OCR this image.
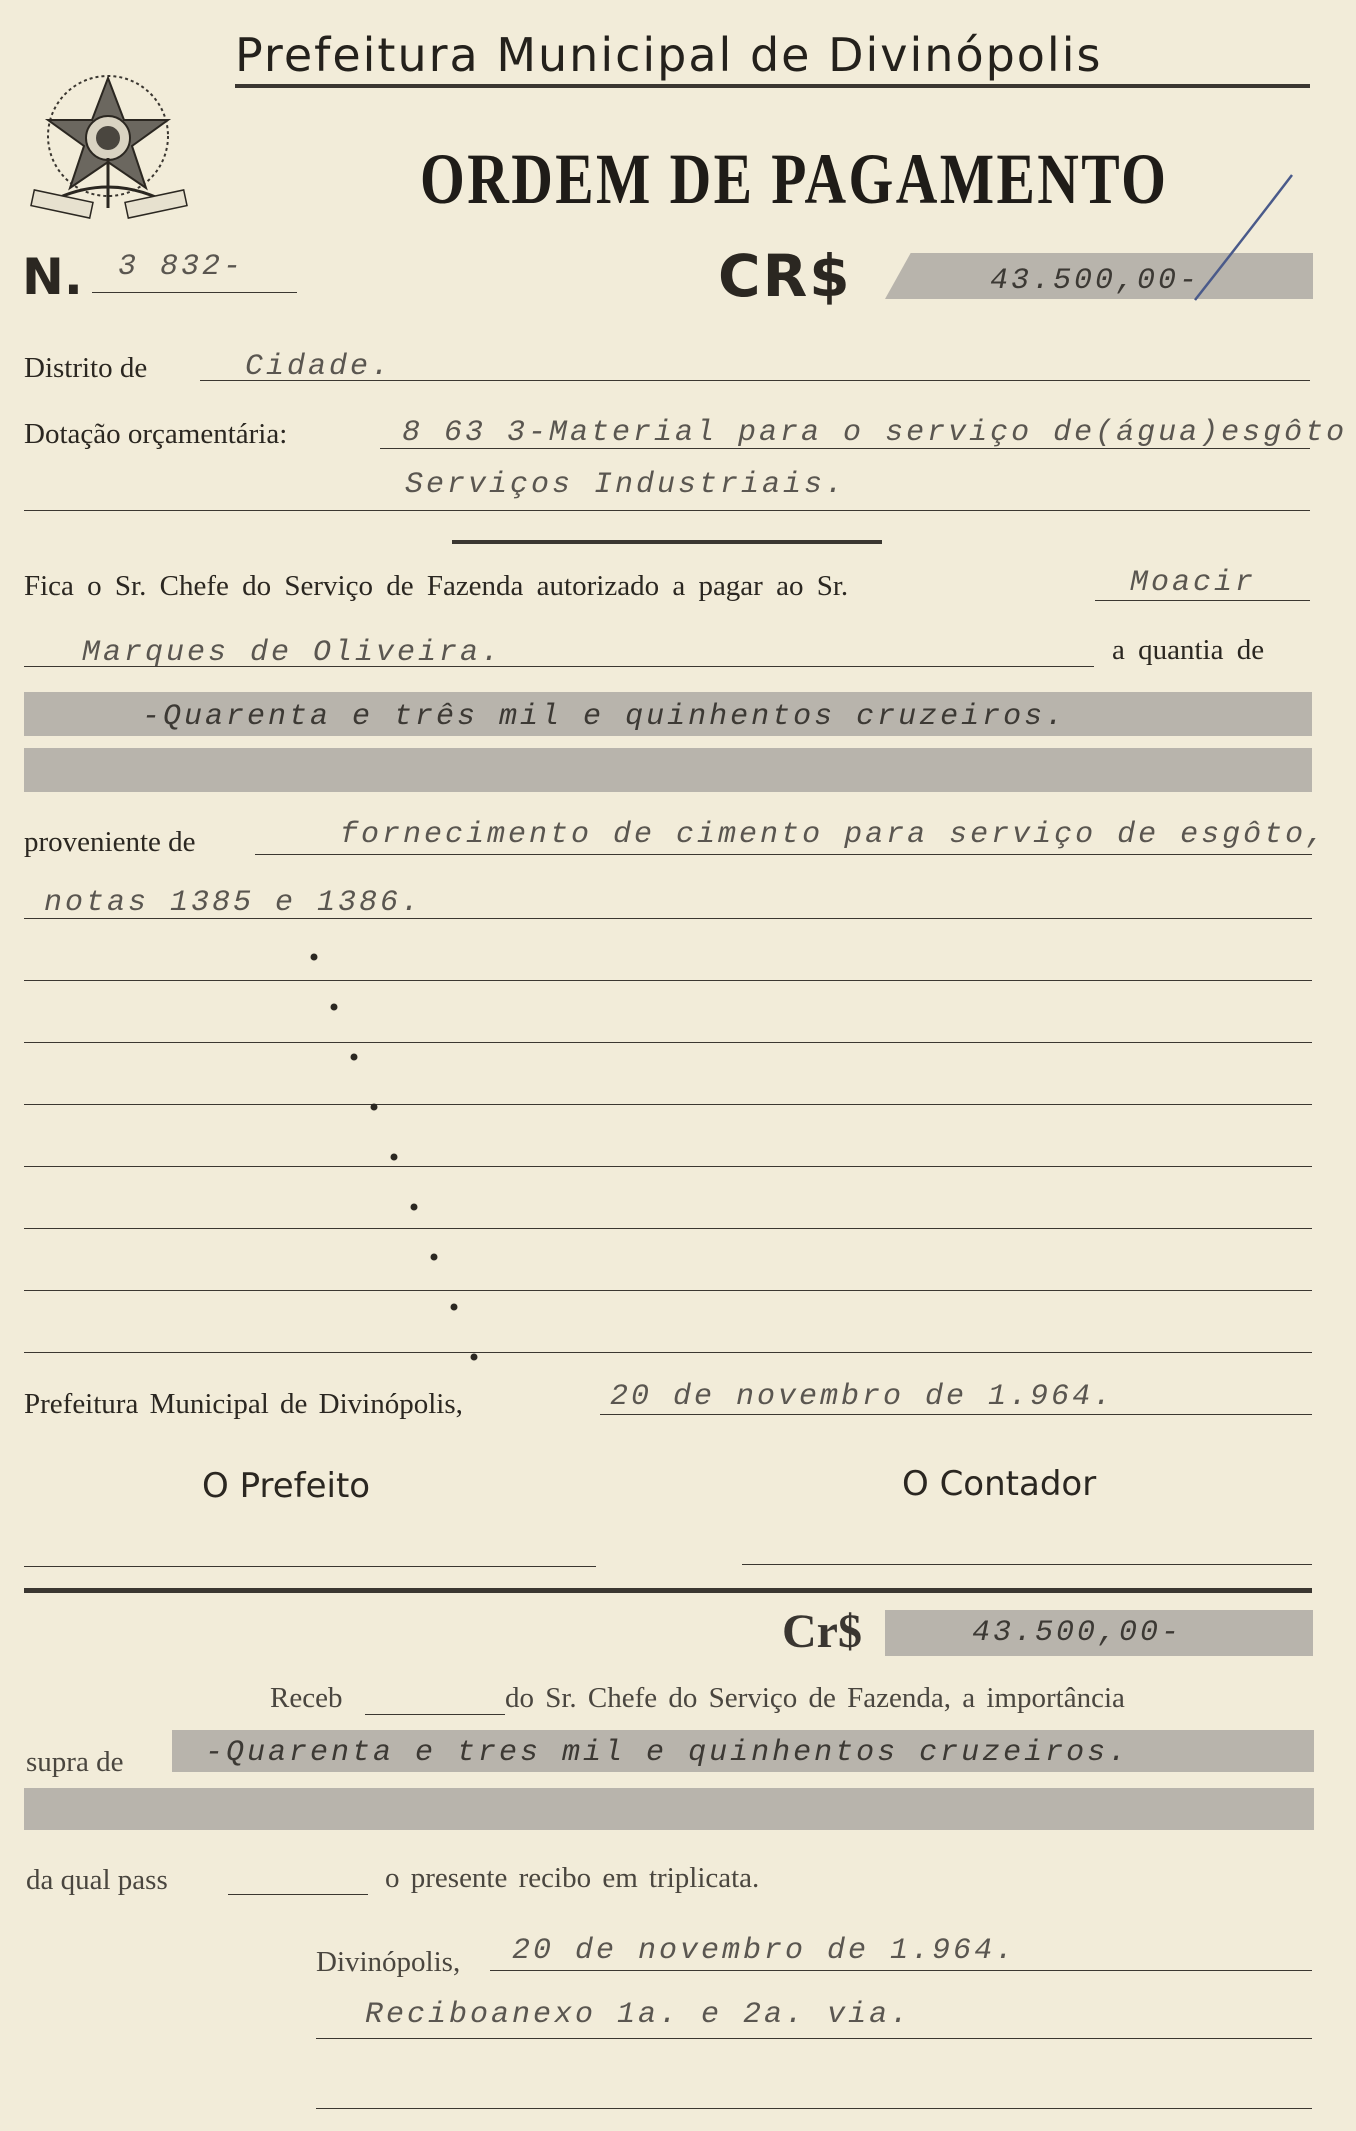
Prefeitura Municipal de Divinópolis
ORDEM DE PAGAMENTO
N. 3 832-	CR$	43.500,00-
Distrito de	Cidade.
Dotação orçamentária:	8 63 3-Material para o serviço de(água)esgôto
Serviços Industriais.
Fica o Sr. Chefe do Serviço de Fazenda autorizado a pagar ao Sr.	Moacir
Marques de Oliveira.	a quantia de
-Quarenta e três mil e quinhentos cruzeiros.
proveniente de	fornecimento de cimento para serviço de esgôto,
notas 1385 e 1386.
Prefeitura Municipal de Divinópolis,	20 de novembro de 1.964.
O Prefeito	O Contador
Cr$	43.500,00-
Receb	do Sr. Chefe do Serviço de Fazenda, a importância
supra de	-Quarenta e tres mil e quinhentos cruzeiros.
da qual pass	o presente recibo em triplicata.
Divinópolis, 20 de novembro de 1.964.
Reciboanexo 1a. e 2a. via.
